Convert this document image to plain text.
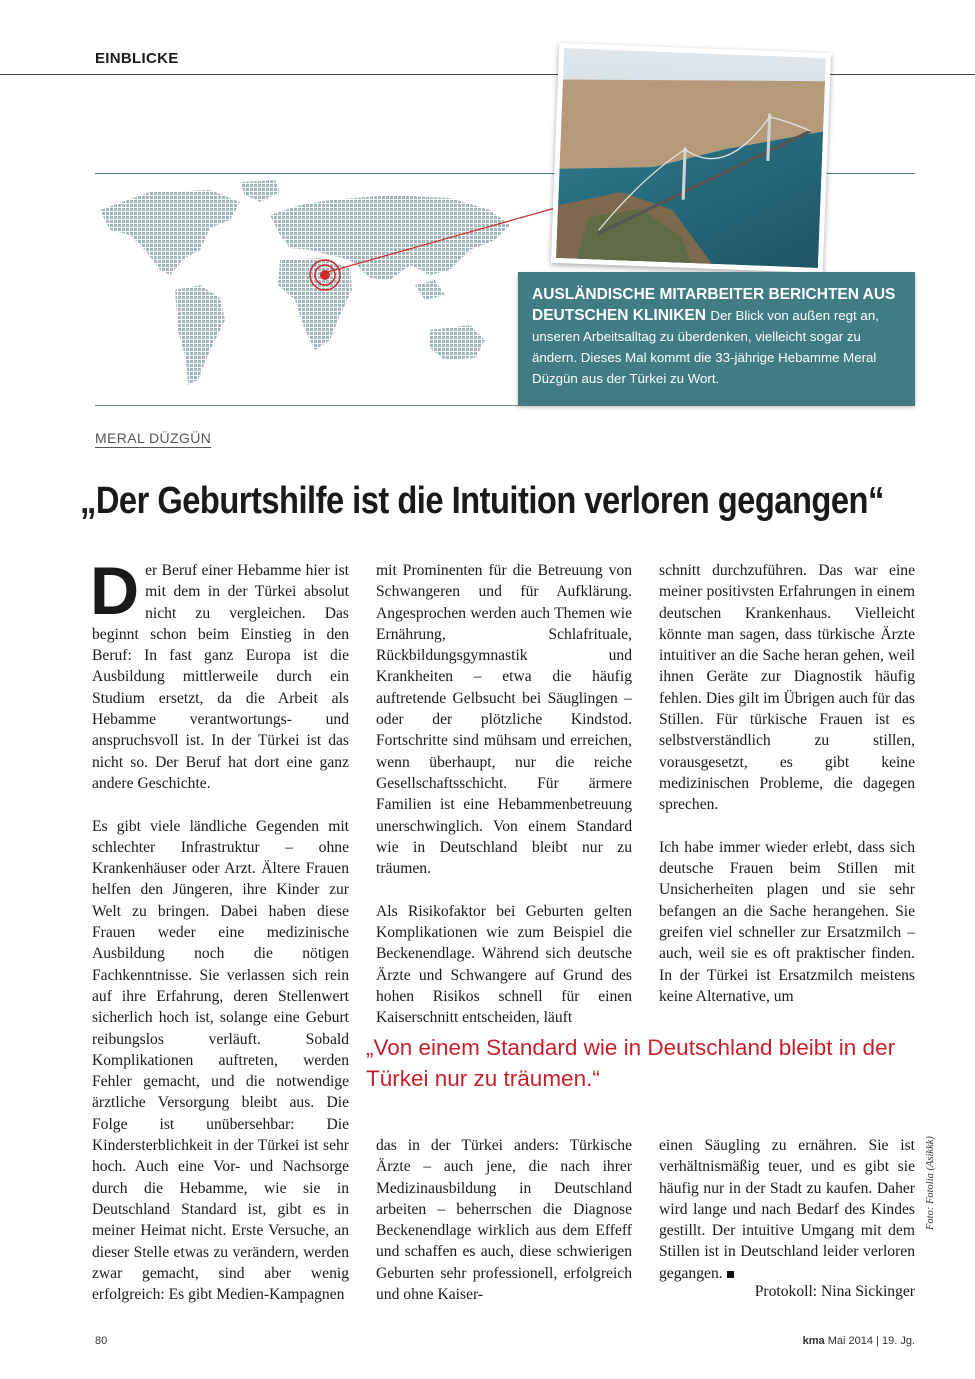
EINBLICKE

AUSLÄNDISCHE MITARBEITER BERICHTEN AUS DEUTSCHEN KLINIKEN Der Blick von außen regt an, unseren Arbeitsalltag zu überdenken, vielleicht sogar zu ändern. Dieses Mal kommt die 33-jährige Hebamme Meral Düzgün aus der Türkei zu Wort.

MERAL DÜZGÜN
„Der Geburtshilfe ist die Intuition verloren gegangen“

Der Beruf einer Hebamme hier ist mit dem in der Türkei absolut nicht zu vergleichen. Das beginnt schon beim Einstieg in den Beruf: In fast ganz Europa ist die Ausbildung mittlerweile durch ein Studium ersetzt, da die Arbeit als Hebamme verantwortungs- und anspruchsvoll ist. In der Türkei ist das nicht so. Der Beruf hat dort eine ganz andere Geschichte.

Es gibt viele ländliche Gegenden mit schlechter Infrastruktur – ohne Krankenhäuser oder Arzt. Ältere Frauen helfen den Jüngeren, ihre Kinder zur Welt zu bringen. Dabei haben diese Frauen weder eine medizinische Ausbildung noch die nötigen Fachkenntnisse. Sie verlassen sich rein auf ihre Erfahrung, deren Stellenwert sicherlich hoch ist, solange eine Geburt reibungslos verläuft. Sobald Komplikationen auftreten, werden Fehler gemacht, und die notwendige ärztliche Versorgung bleibt aus. Die Folge ist unübersehbar: Die Kindersterblichkeit in der Türkei ist sehr hoch. Auch eine Vor- und Nachsorge durch die Hebamme, wie sie in Deutschland Standard ist, gibt es in meiner Heimat nicht. Erste Versuche, an dieser Stelle etwas zu verändern, werden zwar gemacht, sind aber wenig erfolgreich: Es gibt Medien-Kampagnen

mit Prominenten für die Betreuung von Schwangeren und für Aufklärung. Angesprochen werden auch Themen wie Ernährung, Schlafrituale, Rückbildungsgymnastik und Krankheiten – etwa die häufig auftretende Gelbsucht bei Säuglingen – oder der plötzliche Kindstod. Fortschritte sind mühsam und erreichen, wenn überhaupt, nur die reiche Gesellschaftsschicht. Für ärmere Familien ist eine Hebammenbetreuung unerschwinglich. Von einem Standard wie in Deutschland bleibt nur zu träumen.

Als Risikofaktor bei Geburten gelten Komplikationen wie zum Beispiel die Beckenendlage. Während sich deutsche Ärzte und Schwangere auf Grund des hohen Risikos schnell für einen Kaiserschnitt entscheiden, läuft

das in der Türkei anders: Türkische Ärzte – auch jene, die nach ihrer Medizinausbildung in Deutschland arbeiten – beherrschen die Diagnose Beckenendlage wirklich aus dem Effeff und schaffen es auch, diese schwierigen Geburten sehr professionell, erfolgreich und ohne Kaiser-

schnitt durchzuführen. Das war eine meiner positivsten Erfahrungen in einem deutschen Krankenhaus. Vielleicht könnte man sagen, dass türkische Ärzte intuitiver an die Sache heran gehen, weil ihnen Geräte zur Diagnostik häufig fehlen. Dies gilt im Übrigen auch für das Stillen. Für türkische Frauen ist es selbstverständlich zu stillen, vorausgesetzt, es gibt keine medizinischen Probleme, die dagegen sprechen.

Ich habe immer wieder erlebt, dass sich deutsche Frauen beim Stillen mit Unsicherheiten plagen und sie sehr befangen an die Sache herangehen. Sie greifen viel schneller zur Ersatzmilch – auch, weil sie es oft praktischer finden. In der Türkei ist Ersatzmilch meistens keine Alternative, um

einen Säugling zu ernähren. Sie ist verhältnismäßig teuer, und es gibt sie häufig nur in der Stadt zu kaufen. Daher wird lange und nach Bedarf des Kindes gestillt. Der intuitive Umgang mit dem Stillen ist in Deutschland leider verloren gegangen.

„Von einem Standard wie in Deutschland bleibt in der Türkei nur zu träumen.“
Protokoll: Nina Sickinger
Foto: Fotolia (Asikkk)
80	kma Mai 2014 | 19. Jg.
